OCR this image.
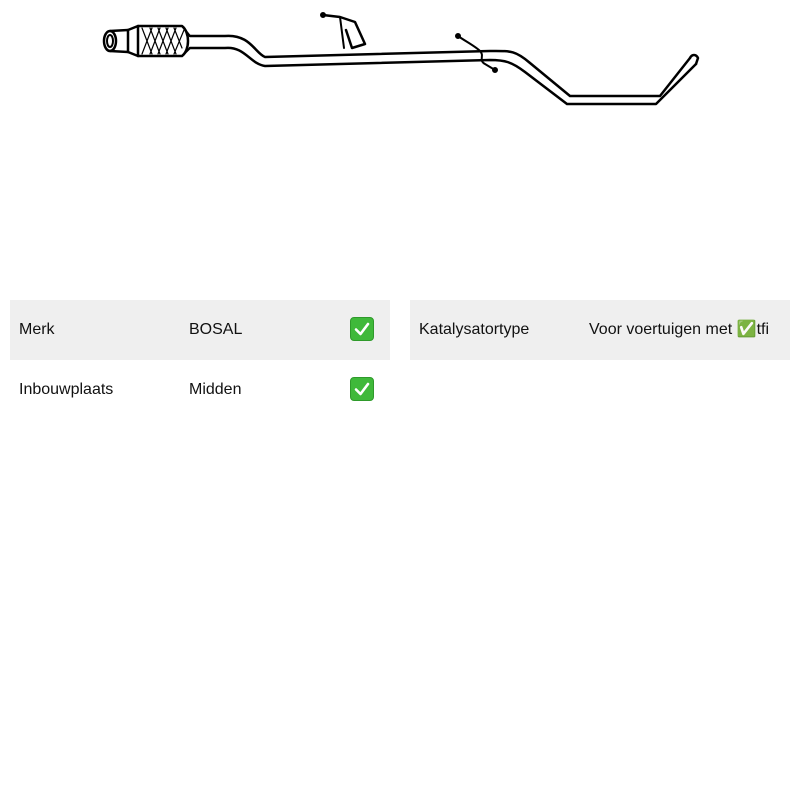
Merk	BOSAL
Inbouwplaats	Midden
Katalysatortype	Voor voertuigen met ✅tfi
